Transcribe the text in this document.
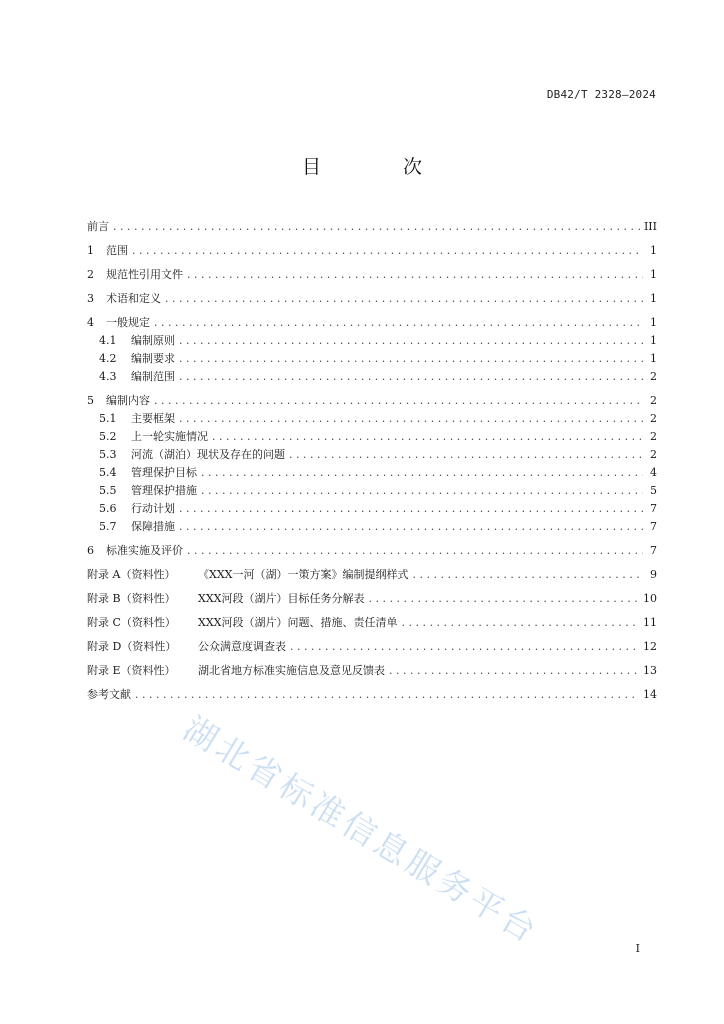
DB42/T 2328—2024
目 次
前言 . . .	III
1	范围 . . .	1
2	规范性引用文件 . . .	1
3	术语和定义 . . .	1
4	一般规定 . . .	1
4.1	编制原则 . . .	1
4.2	编制要求 . . .	1
4.3	编制范围 . . .	2
5	编制内容 . . .	2
5.1	主要框架 . . .	2
5.2	上一轮实施情况 . . .	2
5.3	河流（湖泊）现状及存在的问题 . . .	2
5.4	管理保护目标 . . .	4
5.5	管理保护措施 . . .	5
5.6	行动计划 . . .	7
5.7	保障措施 . . .	7
6	标准实施及评价 . . .	7
附录 A（资料性）	《XXX一河（湖）一策方案》编制提纲样式 . . .	9
附录 B（资料性）	XXX河段（湖片）目标任务分解表 . . .	10
附录 C（资料性）	XXX河段（湖片）问题、措施、责任清单 . . .	11
附录 D（资料性）	公众满意度调查表 . . .	12
附录 E（资料性）	湖北省地方标准实施信息及意见反馈表 . . .	13
参考文献 . . .	14
湖北省标准信息服务平台	I
